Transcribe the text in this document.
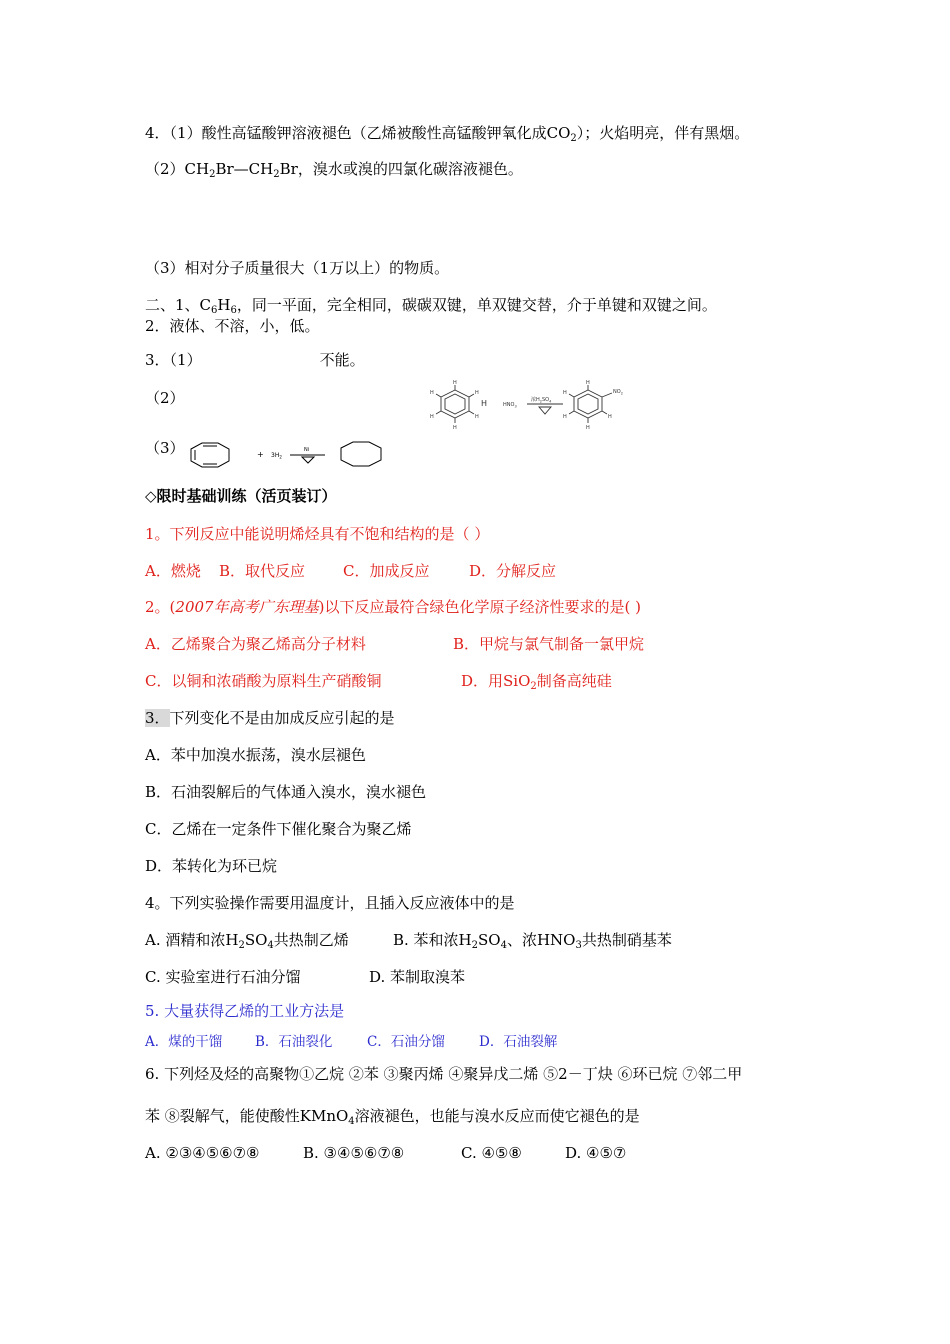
4．（1）酸性高锰酸钾溶液褪色（乙烯被酸性高锰酸钾氧化成$CO_2$）；火焰明亮，伴有黑烟。
$(2)CH_2Br—CH_2Br$，溴水或溴的四氯化碳溶液褪色。
（3）相对分子质量很大（1万以上）的物质。
二、1、$C_6H_6$，同一平面，完全相同，碳碳双键，单双键交替，介于单键和双键之间。
2．液体、不溶，小，低。
3．（1）	不能。
（2）
（3）
H
H
H
H
H
H
H	$HNO_3$
浓$H_2SO_4$
$NO_2$
H
H
H
H
H
+ $3H_2$
Ni
◇限时基础训练（活页装订）
1。下列反应中能说明烯烃具有不饱和结构的是（ ）
A．燃烧 B．取代反应	C．加成反应	D．分解反应
2。(2007年高考广东理基)以下反应最符合绿色化学原子经济性要求的是( )
A．乙烯聚合为聚乙烯高分子材料	B．甲烷与氯气制备一氯甲烷
C．以铜和浓硝酸为原料生产硝酸铜	D．用SiO$_2$制备高纯硅
3．下列变化不是由加成反应引起的是
A．苯中加溴水振荡，溴水层褪色
B．石油裂解后的气体通入溴水，溴水褪色
C．乙烯在一定条件下催化聚合为聚乙烯
D．苯转化为环已烷
4。下列实验操作需要用温度计，且插入反应液体中的是
A. 酒精和浓$H_2SO_4$共热制乙烯	B. 苯和浓$H_2SO_4$、浓$HNO_3$共热制硝基苯
C. 实验室进行石油分馏	D. 苯制取溴苯
5. 大量获得乙烯的工业方法是
A．煤的干馏 B．石油裂化	C．石油分馏	D．石油裂解
6. 下列烃及烃的高聚物①乙烷 ②苯 ③聚丙烯 ④聚异戊二烯 ⑤2－丁炔 ⑥环已烷 ⑦邻二甲
苯 ⑧裂解气，能使酸性KMnO$_4$溶液褪色，也能与溴水反应而使它褪色的是
A. ②③④⑤⑥⑦⑧	B. ③④⑤⑥⑦⑧	C. ④⑤⑧	D. ④⑤⑦
